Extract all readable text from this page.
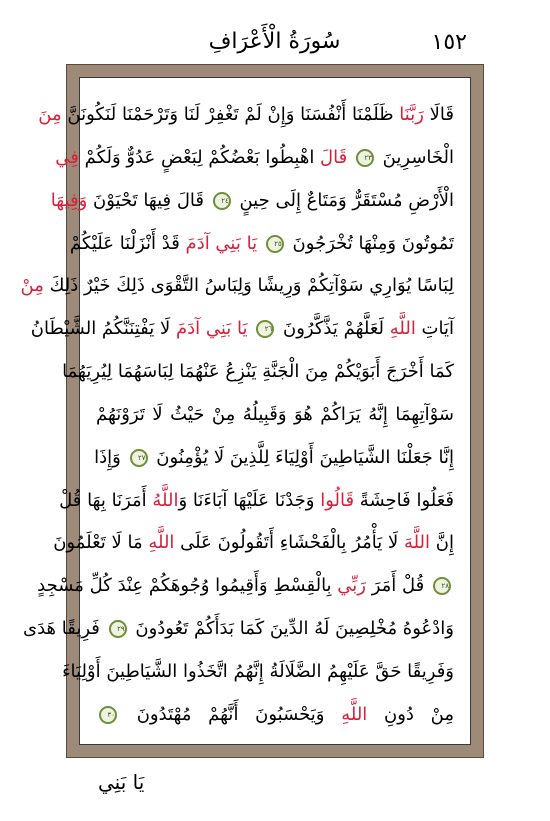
١٥٢
سُورَةُ الْأَعْرَافِ
قَالَا رَبَّنَا ظَلَمْنَا أَنْفُسَنَا وَإِنْ لَمْ تَغْفِرْ لَنَا وَتَرْحَمْنَا لَنَكُونَنَّ مِنَ
الْخَاسِرِينَ ٢٣ قَالَ اهْبِطُوا بَعْضُكُمْ لِبَعْضٍ عَدُوٌّ وَلَكُمْ فِي
الْأَرْضِ مُسْتَقَرٌّ وَمَتَاعٌ إِلَى حِينٍ ٢٤ قَالَ فِيهَا تَحْيَوْنَ وَفِيهَا
تَمُوتُونَ وَمِنْهَا تُخْرَجُونَ ٢٥ يَا بَنِي آدَمَ قَدْ أَنْزَلْنَا عَلَيْكُمْ
لِبَاسًا يُوَارِي سَوْآتِكُمْ وَرِيشًا وَلِبَاسُ التَّقْوَى ذَلِكَ خَيْرٌ ذَلِكَ مِنْ
آيَاتِ اللَّهِ لَعَلَّهُمْ يَذَّكَّرُونَ ٢٦ يَا بَنِي آدَمَ لَا يَفْتِنَنَّكُمُ الشَّيْطَانُ
كَمَا أَخْرَجَ أَبَوَيْكُمْ مِنَ الْجَنَّةِ يَنْزِعُ عَنْهُمَا لِبَاسَهُمَا لِيُرِيَهُمَا
سَوْآتِهِمَا إِنَّهُ يَرَاكُمْ هُوَ وَقَبِيلُهُ مِنْ حَيْثُ لَا تَرَوْنَهُمْ
إِنَّا جَعَلْنَا الشَّيَاطِينَ أَوْلِيَاءَ لِلَّذِينَ لَا يُؤْمِنُونَ ٢٧ وَإِذَا
فَعَلُوا فَاحِشَةً قَالُوا وَجَدْنَا عَلَيْهَا آبَاءَنَا وَاللَّهُ أَمَرَنَا بِهَا قُلْ
إِنَّ اللَّهَ لَا يَأْمُرُ بِالْفَحْشَاءِ أَتَقُولُونَ عَلَى اللَّهِ مَا لَا تَعْلَمُونَ
٢٨ قُلْ أَمَرَ رَبِّي بِالْقِسْطِ وَأَقِيمُوا وُجُوهَكُمْ عِنْدَ كُلِّ مَسْجِدٍ
وَادْعُوهُ مُخْلِصِينَ لَهُ الدِّينَ كَمَا بَدَأَكُمْ تَعُودُونَ ٢٩ فَرِيقًا هَدَى
وَفَرِيقًا حَقَّ عَلَيْهِمُ الضَّلَالَةُ إِنَّهُمُ اتَّخَذُوا الشَّيَاطِينَ أَوْلِيَاءَ
مِنْ دُونِ اللَّهِ وَيَحْسَبُونَ أَنَّهُمْ مُهْتَدُونَ ٣٠
يَا بَنِي
